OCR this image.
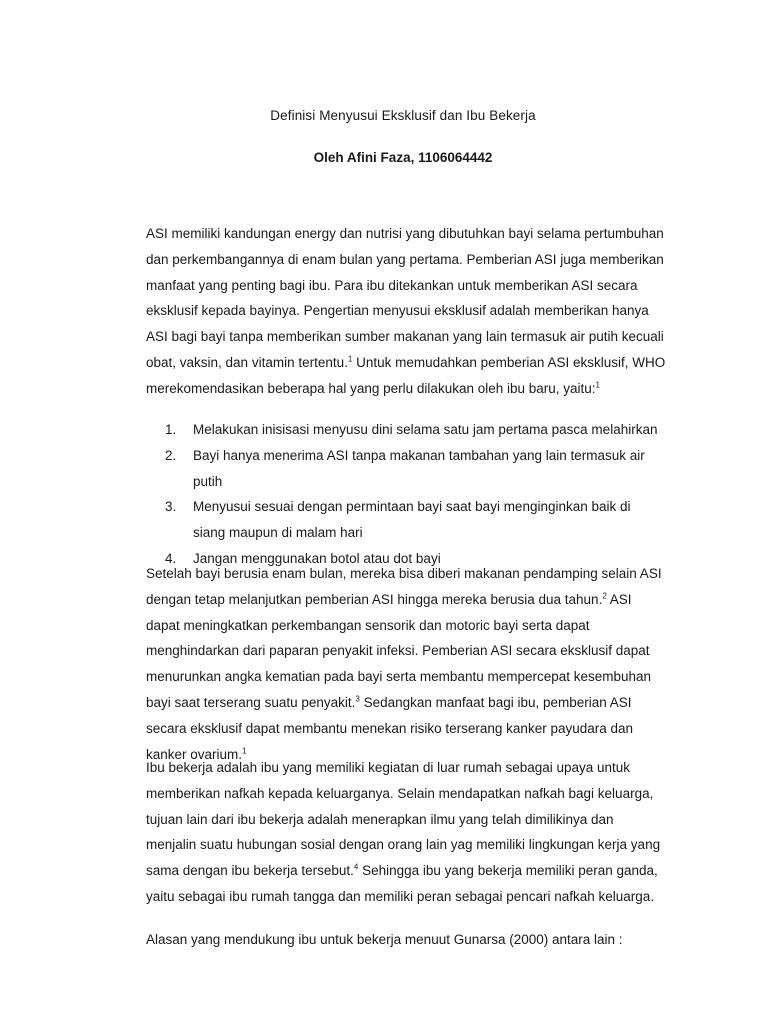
Definisi Menyusui Eksklusif dan Ibu Bekerja
Oleh Afini Faza, 1106064442

ASI memiliki kandungan energy dan nutrisi yang dibutuhkan bayi selama pertumbuhan dan perkembangannya di enam bulan yang pertama. Pemberian ASI juga memberikan manfaat yang penting bagi ibu. Para ibu ditekankan untuk memberikan ASI secara eksklusif kepada bayinya. Pengertian menyusui eksklusif adalah memberikan hanya ASI bagi bayi tanpa memberikan sumber makanan yang lain termasuk air putih kecuali obat, vaksin, dan vitamin tertentu.$^1$ Untuk memudahkan pemberian ASI eksklusif, WHO merekomendasikan beberapa hal yang perlu dilakukan oleh ibu baru, yaitu:$^1$

1.	Melakukan inisisasi menyusu dini selama satu jam pertama pasca melahirkan
2.	Bayi hanya menerima ASI tanpa makanan tambahan yang lain termasuk air putih
3.	Menyusui sesuai dengan permintaan bayi saat bayi menginginkan baik di siang maupun di malam hari
4.	Jangan menggunakan botol atau dot bayi

Setelah bayi berusia enam bulan, mereka bisa diberi makanan pendamping selain ASI dengan tetap melanjutkan pemberian ASI hingga mereka berusia dua tahun.$^2$ ASI dapat meningkatkan perkembangan sensorik dan motoric bayi serta dapat menghindarkan dari paparan penyakit infeksi. Pemberian ASI secara eksklusif dapat menurunkan angka kematian pada bayi serta membantu mempercepat kesembuhan bayi saat terserang suatu penyakit.$^3$ Sedangkan manfaat bagi ibu, pemberian ASI secara eksklusif dapat membantu menekan risiko terserang kanker payudara dan kanker ovarium.$^1$

Ibu bekerja adalah ibu yang memiliki kegiatan di luar rumah sebagai upaya untuk memberikan nafkah kepada keluarganya. Selain mendapatkan nafkah bagi keluarga, tujuan lain dari ibu bekerja adalah menerapkan ilmu yang telah dimilikinya dan menjalin suatu hubungan sosial dengan orang lain yag memiliki lingkungan kerja yang sama dengan ibu bekerja tersebut.$^4$ Sehingga ibu yang bekerja memiliki peran ganda, yaitu sebagai ibu rumah tangga dan memiliki peran sebagai pencari nafkah keluarga.

Alasan yang mendukung ibu untuk bekerja menuut Gunarsa (2000) antara lain :
